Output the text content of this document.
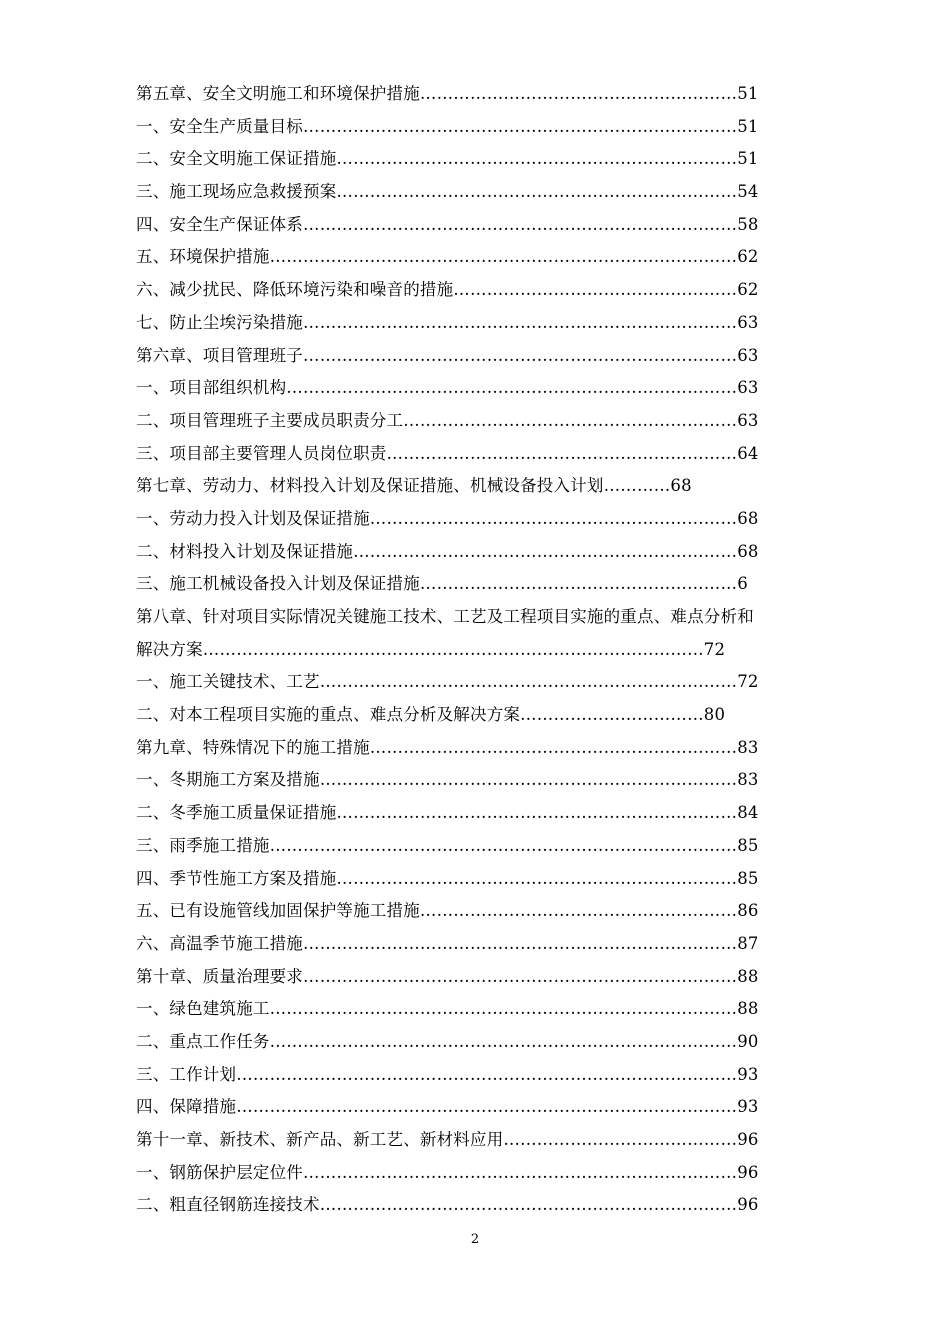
第五章、安全文明施工和环境保护措施…………………………………………………51
一、安全生产质量目标……………………………………………………………………51
二、安全文明施工保证措施………………………………………………………………51
三、施工现场应急救援预案………………………………………………………………54
四、安全生产保证体系……………………………………………………………………58
五、环境保护措施…………………………………………………………………………62
六、减少扰民、降低环境污染和噪音的措施……………………………………………62
七、防止尘埃污染措施……………………………………………………………………63
第六章、项目管理班子……………………………………………………………………63
一、项目部组织机构………………………………………………………………………63
二、项目管理班子主要成员职责分工……………………………………………………63
三、项目部主要管理人员岗位职责………………………………………………………64
第七章、劳动力、材料投入计划及保证措施、机械设备投入计划…………68
一、劳动力投入计划及保证措施…………………………………………………………68
二、材料投入计划及保证措施……………………………………………………………68
三、施工机械设备投入计划及保证措施…………………………………………………6
第八章、针对项目实际情况关键施工技术、工艺及工程项目实施的重点、难点分析和
解决方案………………………………………………………………………………72
一、施工关键技术、工艺…………………………………………………………………72
二、对本工程项目实施的重点、难点分析及解决方案……………………………80
第九章、特殊情况下的施工措施…………………………………………………………83
一、冬期施工方案及措施…………………………………………………………………83
二、冬季施工质量保证措施………………………………………………………………84
三、雨季施工措施…………………………………………………………………………85
四、季节性施工方案及措施………………………………………………………………85
五、已有设施管线加固保护等施工措施…………………………………………………86
六、高温季节施工措施……………………………………………………………………87
第十章、质量治理要求……………………………………………………………………88
一、绿色建筑施工…………………………………………………………………………88
二、重点工作任务…………………………………………………………………………90
三、工作计划………………………………………………………………………………93
四、保障措施………………………………………………………………………………93
第十一章、新技术、新产品、新工艺、新材料应用……………………………………96
一、钢筋保护层定位件……………………………………………………………………96
二、粗直径钢筋连接技术…………………………………………………………………96
2
